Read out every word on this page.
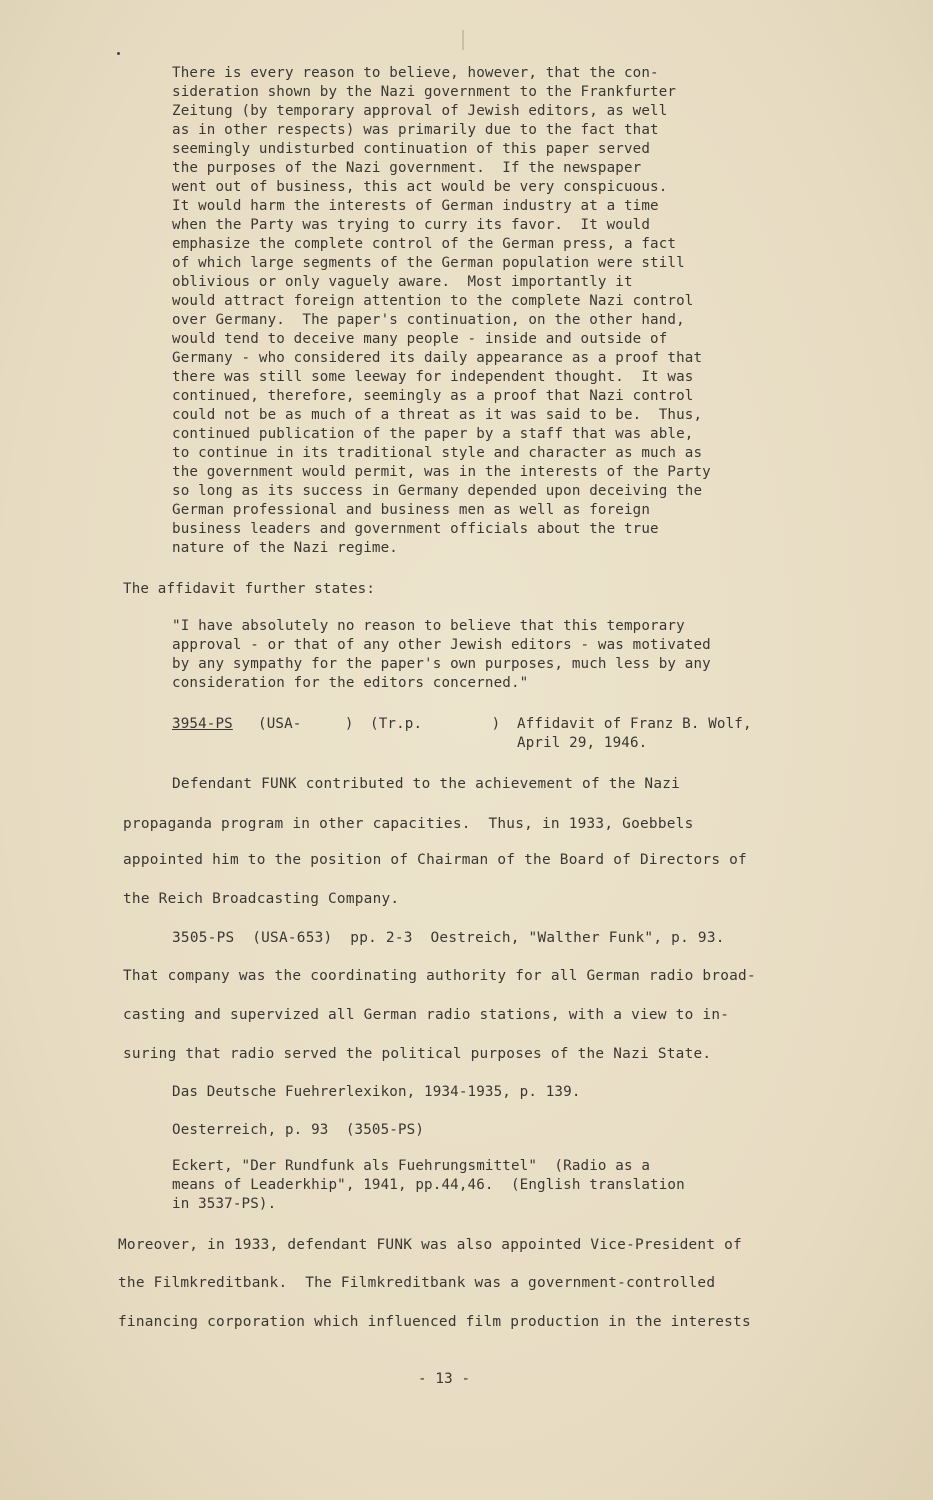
There is every reason to believe, however, that the con-
sideration shown by the Nazi government to the Frankfurter
Zeitung (by temporary approval of Jewish editors, as well
as in other respects) was primarily due to the fact that
seemingly undisturbed continuation of this paper served
the purposes of the Nazi government.  If the newspaper
went out of business, this act would be very conspicuous.
It would harm the interests of German industry at a time
when the Party was trying to curry its favor.  It would
emphasize the complete control of the German press, a fact
of which large segments of the German population were still
oblivious or only vaguely aware.  Most importantly it
would attract foreign attention to the complete Nazi control
over Germany.  The paper's continuation, on the other hand,
would tend to deceive many people - inside and outside of
Germany - who considered its daily appearance as a proof that
there was still some leeway for independent thought.  It was
continued, therefore, seemingly as a proof that Nazi control
could not be as much of a threat as it was said to be.  Thus,
continued publication of the paper by a staff that was able,
to continue in its traditional style and character as much as
the government would permit, was in the interests of the Party
so long as its success in Germany depended upon deceiving the
German professional and business men as well as foreign
business leaders and government officials about the true
nature of the Nazi regime.
The affidavit further states:
"I have absolutely no reason to believe that this temporary
approval - or that of any other Jewish editors - was motivated
by any sympathy for the paper's own purposes, much less by any
consideration for the editors concerned."
3954-PS (USA-     ) (Tr.p.        ) Affidavit of Franz B. Wolf,
April 29, 1946.
Defendant FUNK contributed to the achievement of the Nazi
propaganda program in other capacities.  Thus, in 1933, Goebbels
appointed him to the position of Chairman of the Board of Directors of
the Reich Broadcasting Company.
3505-PS  (USA-653)  pp. 2-3  Oestreich, "Walther Funk", p. 93.
That company was the coordinating authority for all German radio broad-
casting and supervized all German radio stations, with a view to in-
suring that radio served the political purposes of the Nazi State.
Das Deutsche Fuehrerlexikon, 1934-1935, p. 139.
Oesterreich, p. 93  (3505-PS)
Eckert, "Der Rundfunk als Fuehrungsmittel"  (Radio as a
means of Leaderkhip", 1941, pp.44,46.  (English translation
in 3537-PS).
Moreover, in 1933, defendant FUNK was also appointed Vice-President of
the Filmkreditbank.  The Filmkreditbank was a government-controlled
financing corporation which influenced film production in the interests
- 13 -
